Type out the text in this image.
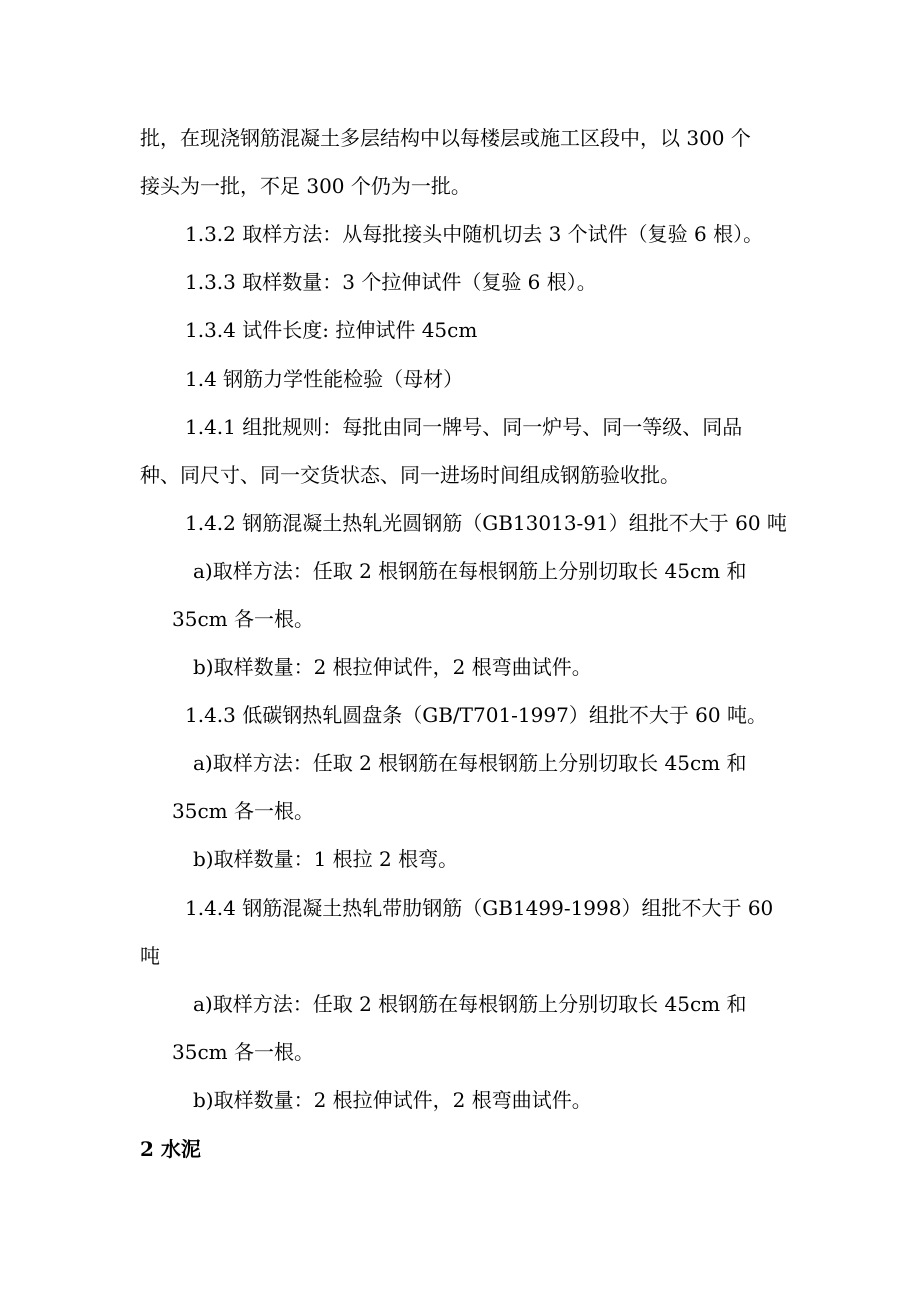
批，在现浇钢筋混凝土多层结构中以每楼层或施工区段中，以 300 个
接头为一批，不足 300 个仍为一批。
1.3.2 取样方法：从每批接头中随机切去 3 个试件（复验 6 根）。
1.3.3 取样数量：3 个拉伸试件（复验 6 根）。
1.3.4 试件长度: 拉伸试件 45cm
1.4 钢筋力学性能检验（母材）
1.4.1 组批规则：每批由同一牌号、同一炉号、同一等级、同品
种、同尺寸、同一交货状态、同一进场时间组成钢筋验收批。
1.4.2 钢筋混凝土热轧光圆钢筋（GB13013-91）组批不大于 60 吨
a)取样方法：任取 2 根钢筋在每根钢筋上分别切取长 45cm 和
35cm 各一根。
b)取样数量：2 根拉伸试件，2 根弯曲试件。
1.4.3 低碳钢热轧圆盘条（GB/T701-1997）组批不大于 60 吨。
a)取样方法：任取 2 根钢筋在每根钢筋上分别切取长 45cm 和
35cm 各一根。
b)取样数量：1 根拉 2 根弯。
1.4.4 钢筋混凝土热轧带肋钢筋（GB1499-1998）组批不大于 60
吨
a)取样方法：任取 2 根钢筋在每根钢筋上分别切取长 45cm 和
35cm 各一根。
b)取样数量：2 根拉伸试件，2 根弯曲试件。
2 水泥
